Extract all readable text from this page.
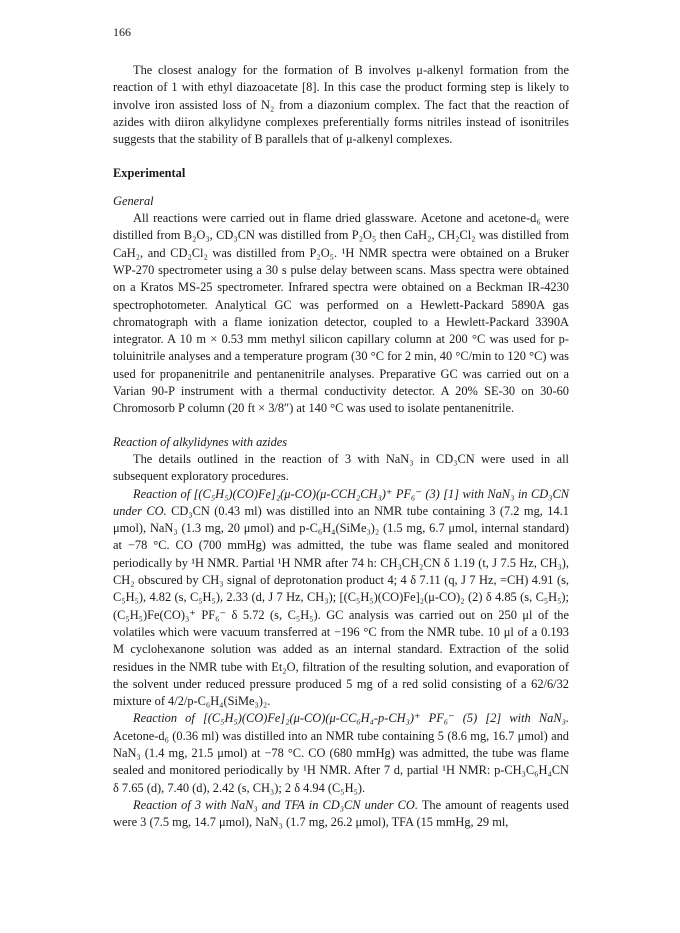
166

The closest analogy for the formation of B involves μ-alkenyl formation from the reaction of 1 with ethyl diazoacetate [8]. In this case the product forming step is likely to involve iron assisted loss of N₂ from a diazonium complex. The fact that the reaction of azides with diiron alkylidyne complexes preferentially forms nitriles instead of isonitriles suggests that the stability of B parallels that of μ-alkenyl complexes.

Experimental
General

All reactions were carried out in flame dried glassware. Acetone and acetone-d₆ were distilled from B₂O₃, CD₃CN was distilled from P₂O₅ then CaH₂, CH₂Cl₂ was distilled from CaH₂, and CD₂Cl₂ was distilled from P₂O₅. ¹H NMR spectra were obtained on a Bruker WP-270 spectrometer using a 30 s pulse delay between scans. Mass spectra were obtained on a Kratos MS-25 spectrometer. Infrared spectra were obtained on a Beckman IR-4230 spectrophotometer. Analytical GC was performed on a Hewlett-Packard 5890A gas chromatograph with a flame ionization detector, coupled to a Hewlett-Packard 3390A integrator. A 10 m × 0.53 mm methyl silicon capillary column at 200 °C was used for p-toluinitrile analyses and a temperature program (30 °C for 2 min, 40 °C/min to 120 °C) was used for propanenitrile and pentanenitrile analyses. Preparative GC was carried out on a Varian 90-P instrument with a thermal conductivity detector. A 20% SE-30 on 30-60 Chromosorb P column (20 ft × 3/8″) at 140 °C was used to isolate pentanenitrile.

Reaction of alkylidynes with azides

The details outlined in the reaction of 3 with NaN₃ in CD₃CN were used in all subsequent exploratory procedures.

Reaction of [(C₅H₅)(CO)Fe]₂(μ-CO)(μ-CCH₂CH₃)⁺ PF₆⁻ (3) [1] with NaN₃ in CD₃CN under CO. CD₃CN (0.43 ml) was distilled into an NMR tube containing 3 (7.2 mg, 14.1 μmol), NaN₃ (1.3 mg, 20 μmol) and p-C₆H₄(SiMe₃)₂ (1.5 mg, 6.7 μmol, internal standard) at −78 °C. CO (700 mmHg) was admitted, the tube was flame sealed and monitored periodically by ¹H NMR. Partial ¹H NMR after 74 h: CH₃CH₂CN δ 1.19 (t, J 7.5 Hz, CH₃), CH₂ obscured by CH₃ signal of deprotonation product 4; 4 δ 7.11 (q, J 7 Hz, =CH) 4.91 (s, C₅H₅), 4.82 (s, C₅H₅), 2.33 (d, J 7 Hz, CH₃); [(C₅H₅)(CO)Fe]₂(μ-CO)₂ (2) δ 4.85 (s, C₅H₅); (C₅H₅)Fe(CO)₃⁺ PF₆⁻ δ 5.72 (s, C₅H₅). GC analysis was carried out on 250 μl of the volatiles which were vacuum transferred at −196 °C from the NMR tube. 10 μl of a 0.193 M cyclohexanone solution was added as an internal standard. Extraction of the solid residues in the NMR tube with Et₂O, filtration of the resulting solution, and evaporation of the solvent under reduced pressure produced 5 mg of a red solid consisting of a 62/6/32 mixture of 4/2/p-C₆H₄(SiMe₃)₂.

Reaction of [(C₅H₅)(CO)Fe]₂(μ-CO)(μ-CC₆H₄-p-CH₃)⁺ PF₆⁻ (5) [2] with NaN₃. Acetone-d₆ (0.36 ml) was distilled into an NMR tube containing 5 (8.6 mg, 16.7 μmol) and NaN₃ (1.4 mg, 21.5 μmol) at −78 °C. CO (680 mmHg) was admitted, the tube was flame sealed and monitored periodically by ¹H NMR. After 7 d, partial ¹H NMR: p-CH₃C₆H₄CN δ 7.65 (d), 7.40 (d), 2.42 (s, CH₃); 2 δ 4.94 (C₅H₅).

Reaction of 3 with NaN₃ and TFA in CD₃CN under CO. The amount of reagents used were 3 (7.5 mg, 14.7 μmol), NaN₃ (1.7 mg, 26.2 μmol), TFA (15 mmHg, 29 ml,
